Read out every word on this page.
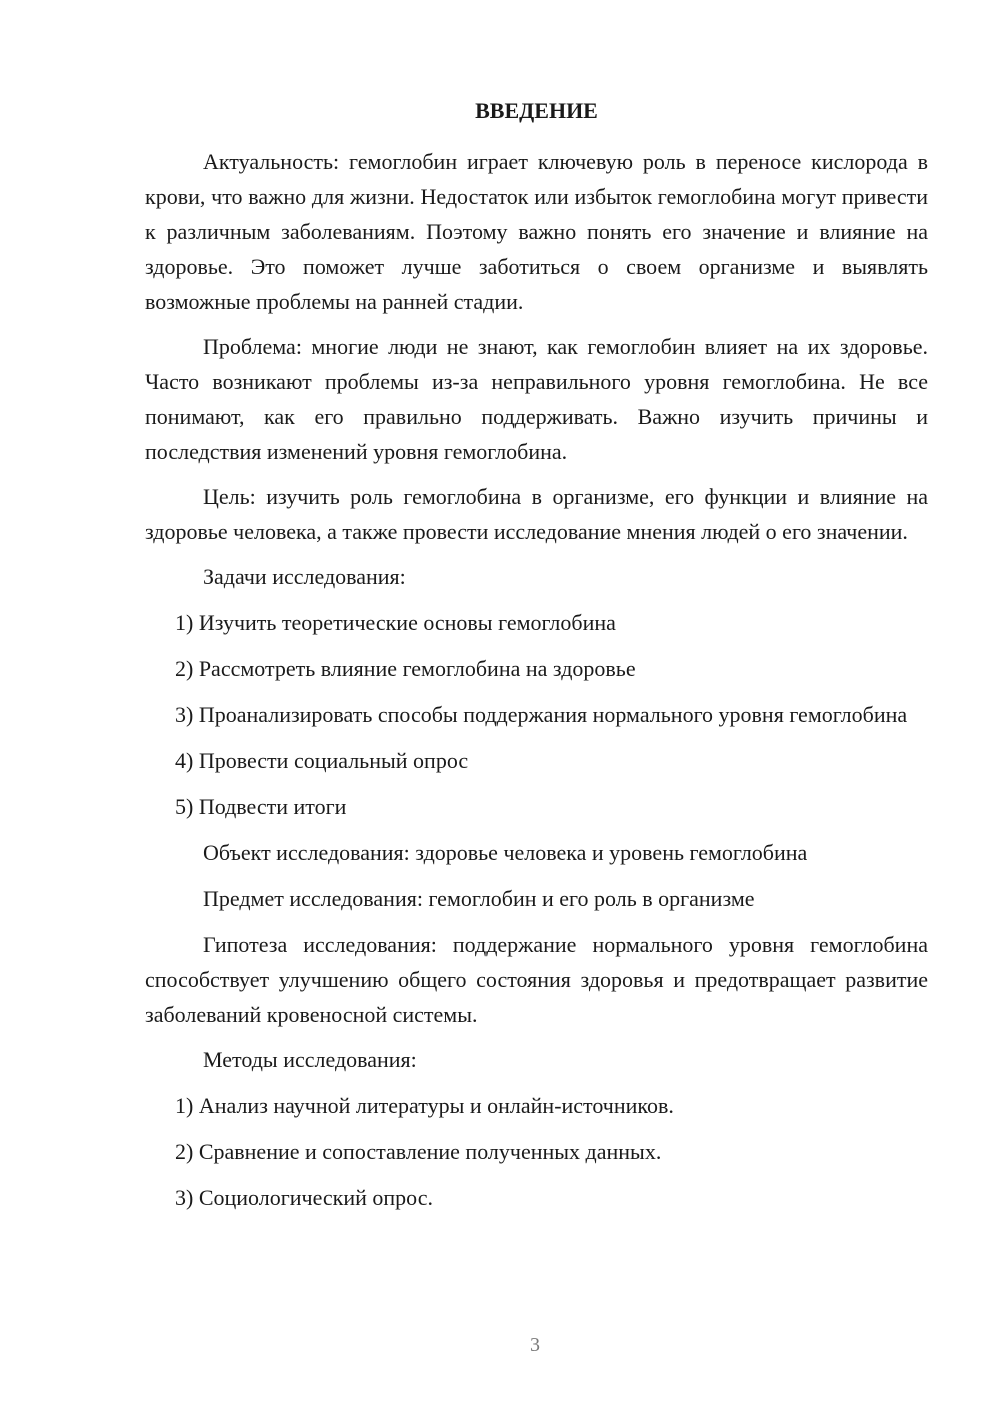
ВВЕДЕНИЕ

Актуальность: гемоглобин играет ключевую роль в переносе кислорода в крови, что важно для жизни. Недостаток или избыток гемоглобина могут привести к различным заболеваниям. Поэтому важно понять его значение и влияние на здоровье. Это поможет лучше заботиться о своем организме и выявлять возможные проблемы на ранней стадии.

Проблема: многие люди не знают, как гемоглобин влияет на их здоровье. Часто возникают проблемы из-за неправильного уровня гемоглобина. Не все понимают, как его правильно поддерживать. Важно изучить причины и последствия изменений уровня гемоглобина.

Цель: изучить роль гемоглобина в организме, его функции и влияние на здоровье человека, а также провести исследование мнения людей о его значении.

Задачи исследования:
1) Изучить теоретические основы гемоглобина
2) Рассмотреть влияние гемоглобина на здоровье
3) Проанализировать способы поддержания нормального уровня гемоглобина
4) Провести социальный опрос
5) Подвести итоги
Объект исследования: здоровье человека и уровень гемоглобина
Предмет исследования: гемоглобин и его роль в организме

Гипотеза исследования: поддержание нормального уровня гемоглобина способствует улучшению общего состояния здоровья и предотвращает развитие заболеваний кровеносной системы.

Методы исследования:
1) Анализ научной литературы и онлайн-источников.
2) Сравнение и сопоставление полученных данных.
3) Социологический опрос.
3
